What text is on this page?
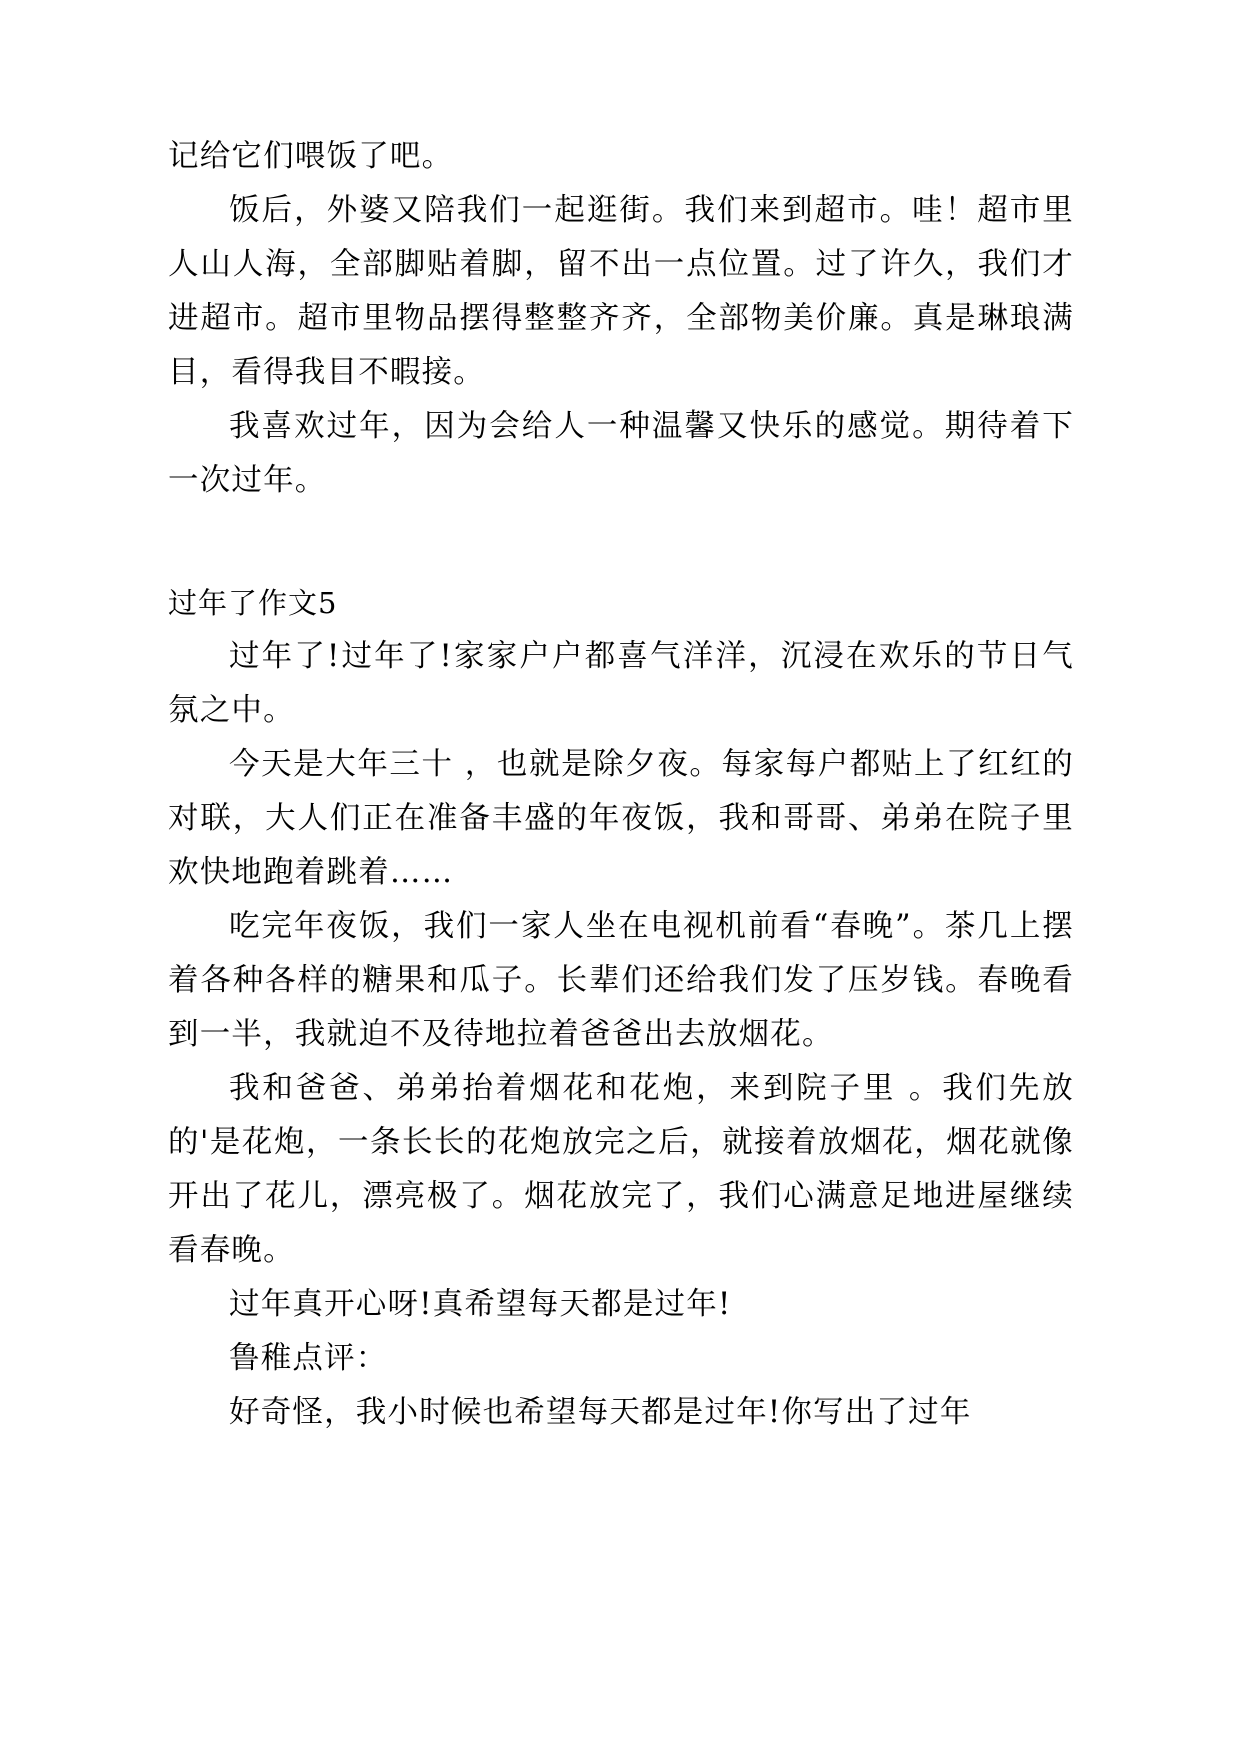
记给它们喂饭了吧。

饭后，外婆又陪我们一起逛街。我们来到超市。哇！超市里人山人海，全部脚贴着脚，留不出一点位置。过了许久，我们才进超市。超市里物品摆得整整齐齐，全部物美价廉。真是琳琅满目，看得我目不暇接。

我喜欢过年，因为会给人一种温馨又快乐的感觉。期待着下一次过年。

过年了作文5

过年了!过年了!家家户户都喜气洋洋，沉浸在欢乐的节日气氛之中。

今天是大年三十 ，也就是除夕夜。每家每户都贴上了红红的对联，大人们正在准备丰盛的年夜饭，我和哥哥、弟弟在院子里欢快地跑着跳着……

吃完年夜饭，我们一家人坐在电视机前看“春晚”。茶几上摆着各种各样的糖果和瓜子。长辈们还给我们发了压岁钱。春晚看到一半，我就迫不及待地拉着爸爸出去放烟花。

我和爸爸、弟弟抬着烟花和花炮，来到院子里 。我们先放的'是花炮，一条长长的花炮放完之后，就接着放烟花，烟花就像开出了花儿，漂亮极了。烟花放完了，我们心满意足地进屋继续看春晚。

过年真开心呀!真希望每天都是过年!

鲁稚点评：

好奇怪，我小时候也希望每天都是过年!你写出了过年
